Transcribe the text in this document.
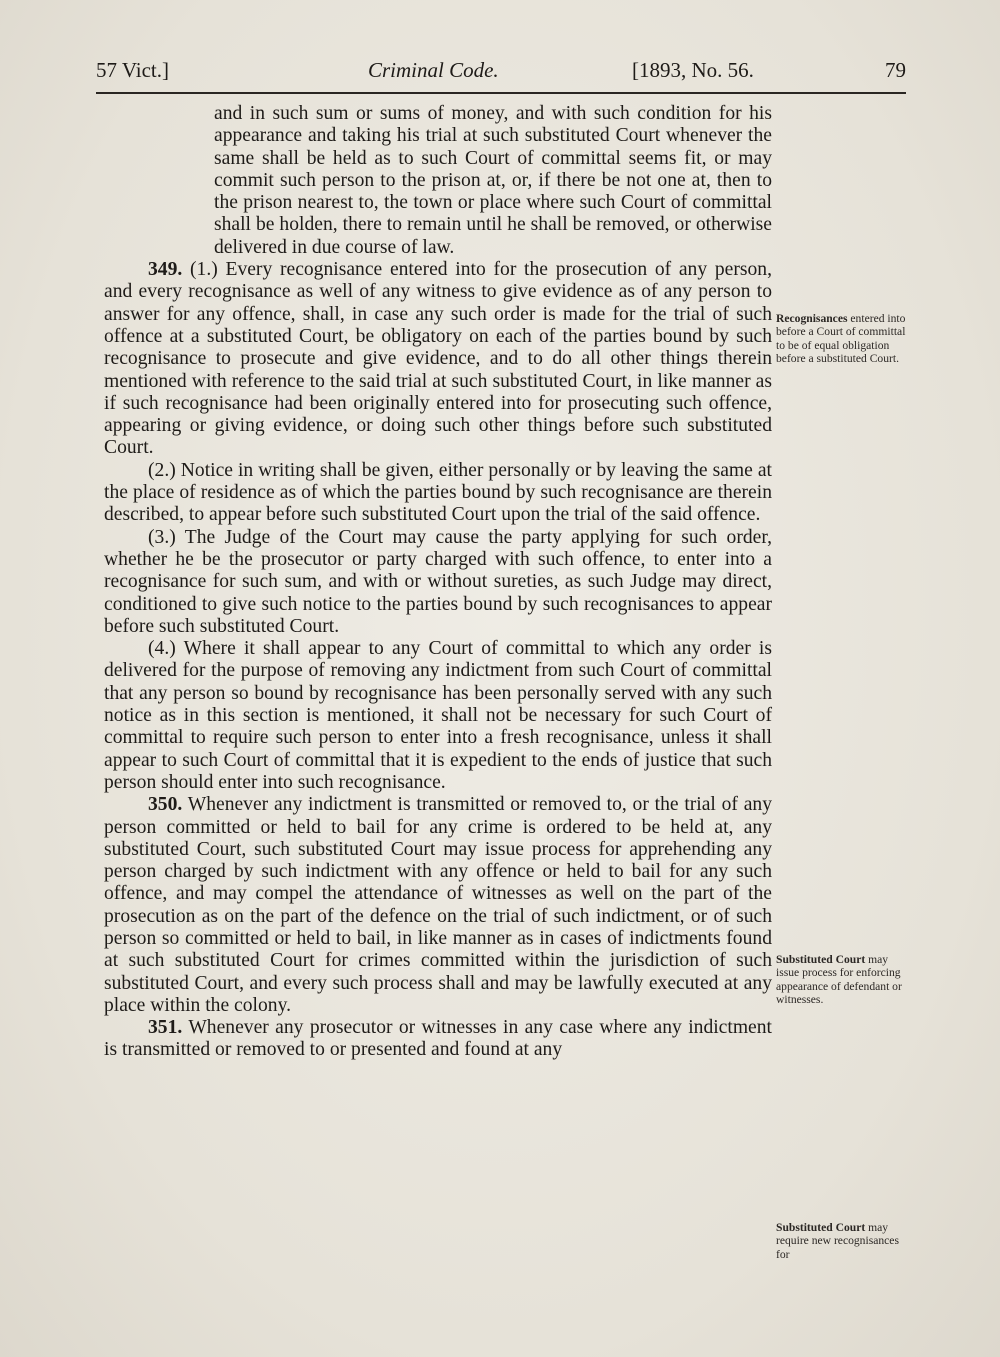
57 Vict.]	Criminal Code.	[1893, No. 56.	79

and in such sum or sums of money, and with such condition for his appearance and taking his trial at such substituted Court whenever the same shall be held as to such Court of committal seems fit, or may commit such person to the prison at, or, if there be not one at, then to the prison nearest to, the town or place where such Court of committal shall be holden, there to remain until he shall be removed, or otherwise delivered in due course of law.

349. (1.) Every recognisance entered into for the prosecution of any person, and every recognisance as well of any witness to give evidence as of any person to answer for any offence, shall, in case any such order is made for the trial of such offence at a substituted Court, be obligatory on each of the parties bound by such recognisance to prosecute and give evidence, and to do all other things therein mentioned with reference to the said trial at such substituted Court, in like manner as if such recognisance had been originally entered into for prosecuting such offence, appearing or giving evidence, or doing such other things before such substituted Court.

(2.) Notice in writing shall be given, either personally or by leaving the same at the place of residence as of which the parties bound by such recognisance are therein described, to appear before such substituted Court upon the trial of the said offence.

(3.) The Judge of the Court may cause the party applying for such order, whether he be the prosecutor or party charged with such offence, to enter into a recognisance for such sum, and with or without sureties, as such Judge may direct, conditioned to give such notice to the parties bound by such recognisances to appear before such substituted Court.

(4.) Where it shall appear to any Court of committal to which any order is delivered for the purpose of removing any indictment from such Court of committal that any person so bound by recognisance has been personally served with any such notice as in this section is mentioned, it shall not be necessary for such Court of committal to require such person to enter into a fresh recognisance, unless it shall appear to such Court of committal that it is expedient to the ends of justice that such person should enter into such recognisance.

350. Whenever any indictment is transmitted or removed to, or the trial of any person committed or held to bail for any crime is ordered to be held at, any substituted Court, such substituted Court may issue process for apprehending any person charged by such indictment with any offence or held to bail for any such offence, and may compel the attendance of witnesses as well on the part of the prosecution as on the part of the defence on the trial of such indictment, or of such person so committed or held to bail, in like manner as in cases of indictments found at such substituted Court for crimes committed within the jurisdiction of such substituted Court, and every such process shall and may be lawfully executed at any place within the colony.

351. Whenever any prosecutor or witnesses in any case where any indictment is transmitted or removed to or presented and found at any

Recognisances entered into before a Court of committal to be of equal obligation before a substituted Court.
Substituted Court may issue process for enforcing appearance of defendant or witnesses.
Substituted Court may require new recognisances for
